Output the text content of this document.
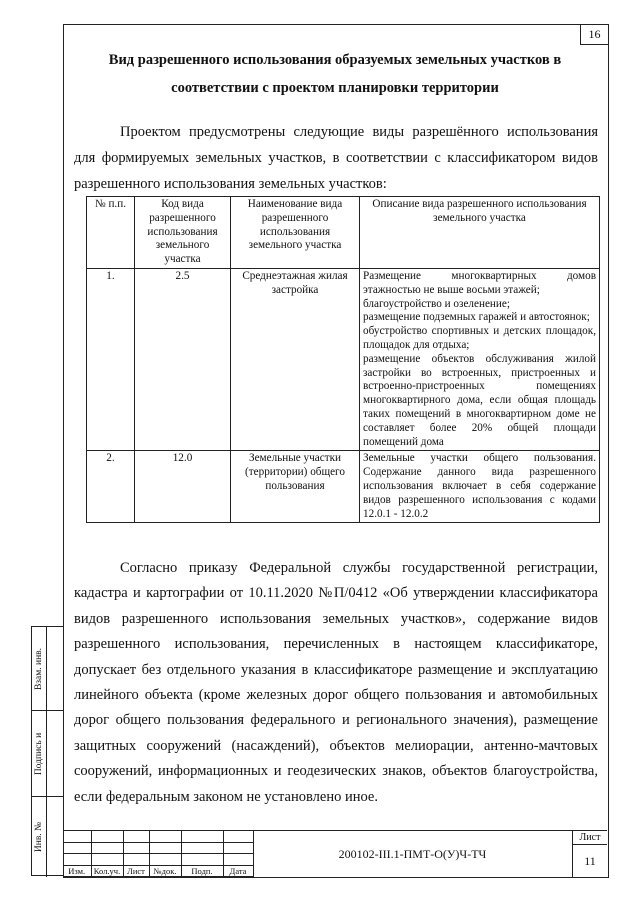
16
Вид разрешенного использования образуемых земельных участков в
соответствии с проектом планировки территории

Проектом предусмотрены следующие виды разрешённого использования для формируемых земельных участков, в соответствии с классификатором видов разрешенного использования земельных участков:

№ п.п.	Код вида разрешенного использования земельного участка	Наименование вида разрешенного использования земельного участка	Описание вида разрешенного использования земельного участка
1.	2.5	Среднеэтажная жилая застройка	Размещение многоквартирных домов этажностью не выше восьми этажей;
благоустройство и озеленение;
размещение подземных гаражей и автостоянок;
обустройство спортивных и детских площадок, площадок для отдыха;
размещение объектов обслуживания жилой застройки во встроенных, пристроенных и встроенно-пристроенных помещениях многоквартирного дома, если общая площадь таких помещений в многоквартирном доме не составляет более 20% общей площади помещений дома

2.	12.0	Земельные участки (территории) общего пользования	Земельные участки общего пользования. Содержание данного вида разрешенного использования включает в себя содержание видов разрешенного использования с кодами 12.0.1 - 12.0.2

Согласно приказу Федеральной службы государственной регистрации, кадастра и картографии от 10.11.2020 №П/0412 «Об утверждении классификатора видов разрешенного использования земельных участков», содержание видов разрешенного использования, перечисленных в настоящем классификаторе, допускает без отдельного указания в классификаторе размещение и эксплуатацию линейного объекта (кроме железных дорог общего пользования и автомобильных дорог общего пользования федерального и регионального значения), размещение защитных сооружений (насаждений), объектов мелиорации, антенно-мачтовых сооружений, информационных и геодезических знаков, объектов благоустройства, если федеральным законом не установлено иное.

Взам. инв.
Подпись и
Инв. №

Изм.	Кол.уч.	Лист	№док.	Подп.	Дата
200102-III.1-ПМТ-О(У)Ч-ТЧ
Лист
11
